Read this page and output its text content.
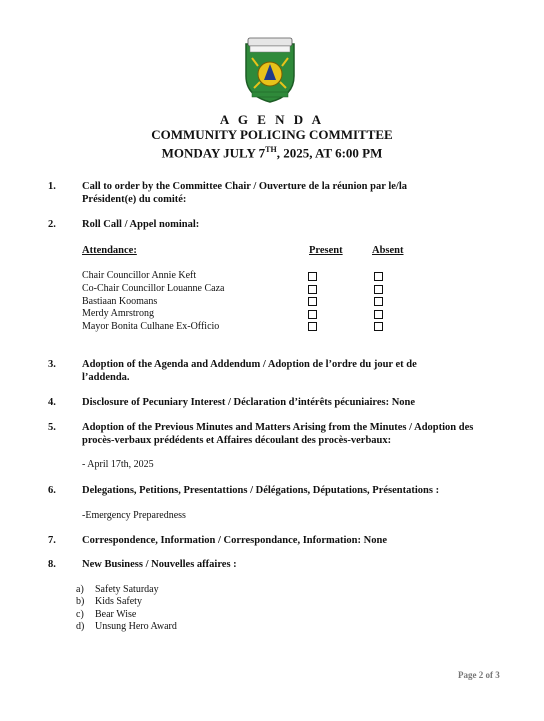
A G E N D A
COMMUNITY POLICING COMMITTEE
MONDAY JULY 7TH, 2025, AT 6:00 PM
1. Call to order by the Committee Chair / Ouverture de la réunion par le/la Président(e) du comité:
2. Roll Call / Appel nominal:
Attendance:	Present	Absent
Chair Councillor Annie Keft
Co-Chair Councillor Louanne Caza
Bastiaan Koomans
Merdy Amrstrong
Mayor Bonita Culhane Ex-Officio
3. Adoption of the Agenda and Addendum / Adoption de l’ordre du jour et de l’addenda.
4. Disclosure of Pecuniary Interest / Déclaration d’intérêts pécuniaires: None
5. Adoption of the Previous Minutes and Matters Arising from the Minutes / Adoption des procès-verbaux prédédents et Affaires découlant des procès-verbaux:
- April 17th, 2025
6. Delegations, Petitions, Presentattions / Délégations, Députations, Présentations :
-Emergency Preparedness
7. Correspondence, Information / Correspondance, Information: None
8. New Business / Nouvelles affaires :
a) Safety Saturday
b) Kids Safety
c) Bear Wise
d) Unsung Hero Award
Page 2 of 3
